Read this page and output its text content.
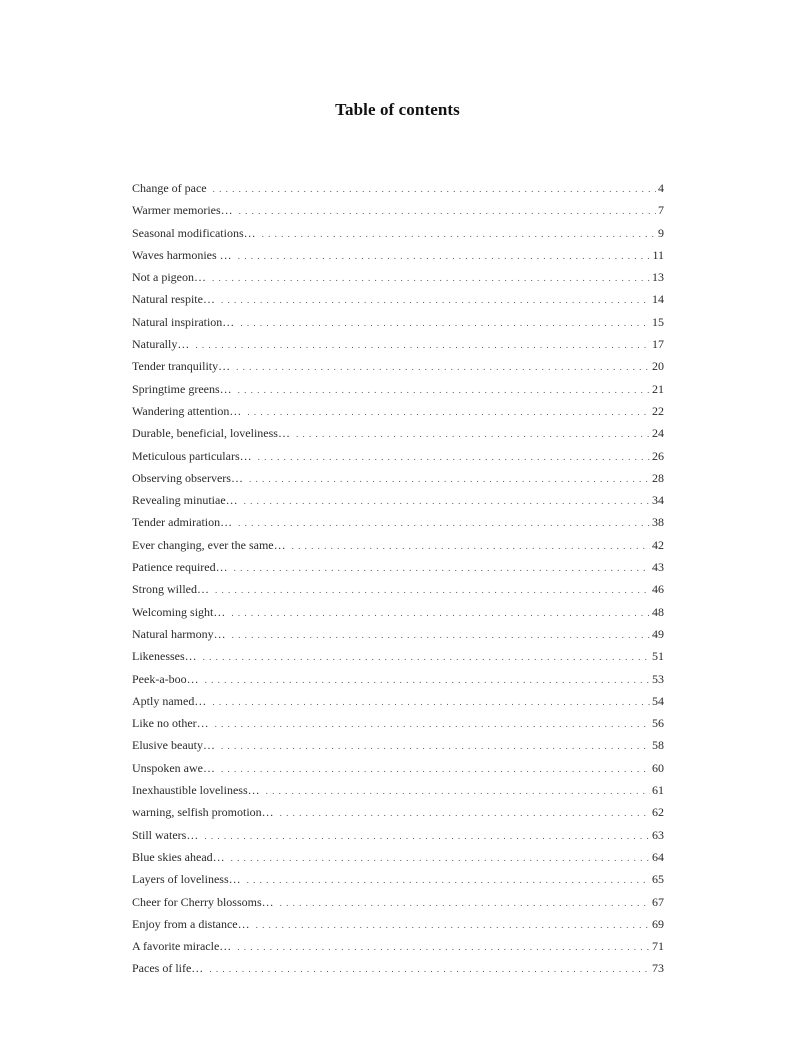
Table of contents
Change of pace . . .	4
Warmer memories… . . .	7
Seasonal modifications… . . .	9
Waves harmonies … . . .	11
Not a pigeon… . . .	13
Natural respite… . . .	14
Natural inspiration… . . .	15
Naturally… . . .	17
Tender tranquility… . . .	20
Springtime greens… . . .	21
Wandering attention… . . .	22
Durable, beneficial, loveliness… . . .	24
Meticulous particulars… . . .	26
Observing observers… . . .	28
Revealing minutiae… . . .	34
Tender admiration… . . .	38
Ever changing, ever the same… . . .	42
Patience required… . . .	43
Strong willed… . . .	46
Welcoming sight… . . .	48
Natural harmony… . . .	49
Likenesses… . . .	51
Peek-a-boo… . . .	53
Aptly named… . . .	54
Like no other… . . .	56
Elusive beauty… . . .	58
Unspoken awe… . . .	60
Inexhaustible loveliness… . . .	61
warning, selfish promotion… . . .	62
Still waters… . . .	63
Blue skies ahead… . . .	64
Layers of loveliness… . . .	65
Cheer for Cherry blossoms… . . .	67
Enjoy from a distance… . . .	69
A favorite miracle… . . .	71
Paces of life… . . .	73
